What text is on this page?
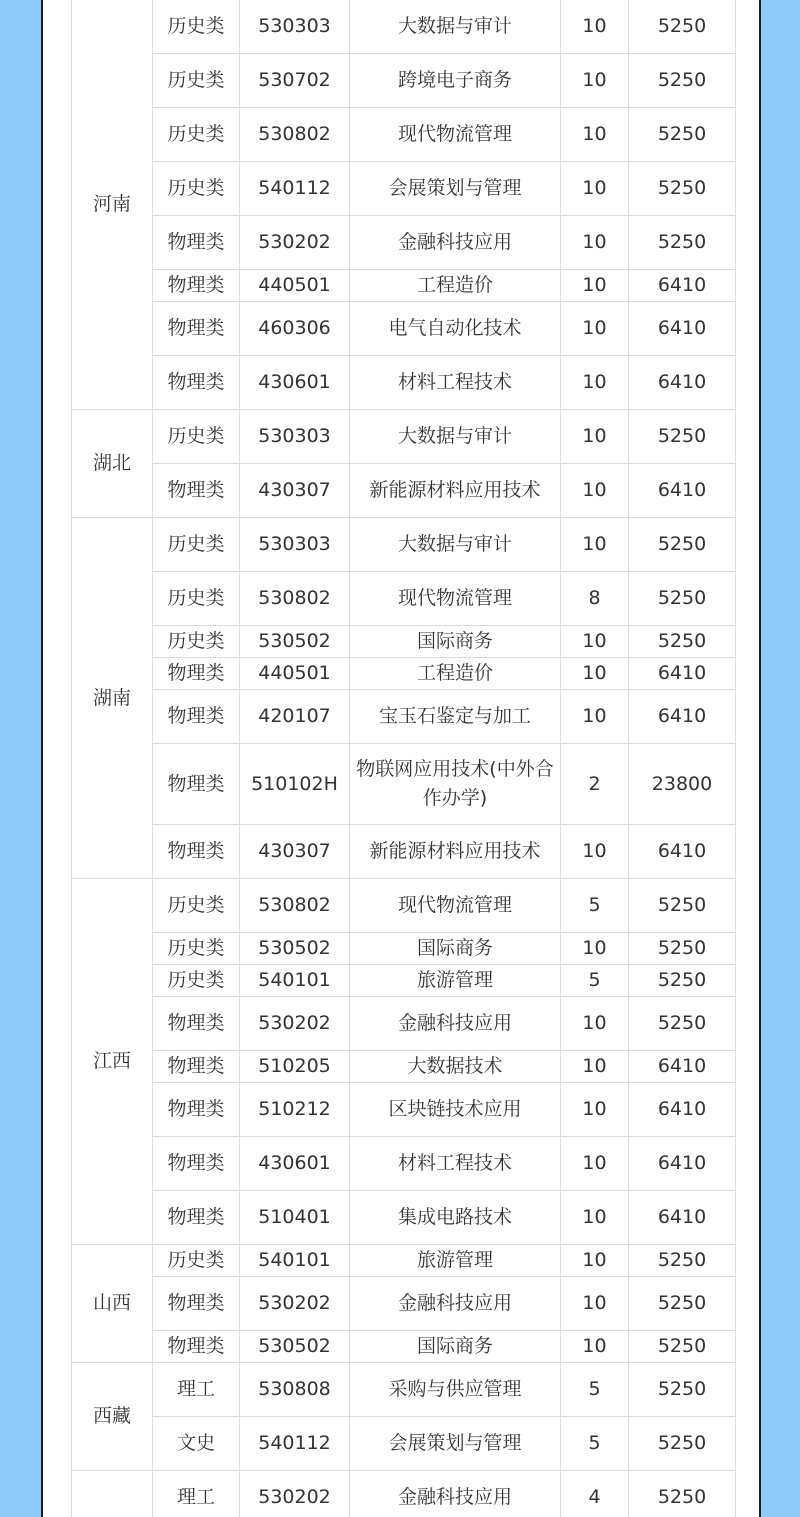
河南	历史类	530303	大数据与审计	10	5250
	历史类	530702	跨境电子商务	10	5250
	历史类	530802	现代物流管理	10	5250
	历史类	540112	会展策划与管理	10	5250
	物理类	530202	金融科技应用	10	5250
	物理类	440501	工程造价	10	6410
	物理类	460306	电气自动化技术	10	6410
	物理类	430601	材料工程技术	10	6410
湖北	历史类	530303	大数据与审计	10	5250
	物理类	430307	新能源材料应用技术	10	6410
湖南	历史类	530303	大数据与审计	10	5250
	历史类	530802	现代物流管理	8	5250
	历史类	530502	国际商务	10	5250
	物理类	440501	工程造价	10	6410
	物理类	420107	宝玉石鉴定与加工	10	6410
	物理类	510102H	物联网应用技术(中外合作办学)	2	23800
	物理类	430307	新能源材料应用技术	10	6410
江西	历史类	530802	现代物流管理	5	5250
	历史类	530502	国际商务	10	5250
	历史类	540101	旅游管理	5	5250
	物理类	530202	金融科技应用	10	5250
	物理类	510205	大数据技术	10	6410
	物理类	510212	区块链技术应用	10	6410
	物理类	430601	材料工程技术	10	6410
	物理类	510401	集成电路技术	10	6410
山西	历史类	540101	旅游管理	10	5250
	物理类	530202	金融科技应用	10	5250
	物理类	530502	国际商务	10	5250
西藏	理工	530808	采购与供应管理	5	5250
	文史	540112	会展策划与管理	5	5250
	理工	530202	金融科技应用	4	5250
